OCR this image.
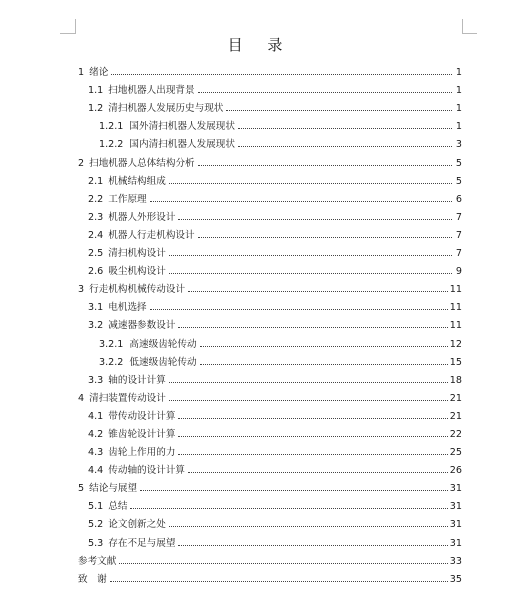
目 录
1 绪论	1
1.1 扫地机器人出现背景	1
1.2 清扫机器人发展历史与现状	1
1.2.1 国外清扫机器人发展现状	1
1.2.2 国内清扫机器人发展现状	3
2 扫地机器人总体结构分析	5
2.1 机械结构组成	5
2.2 工作原理	6
2.3 机器人外形设计	7
2.4 机器人行走机构设计	7
2.5 清扫机构设计	7
2.6 吸尘机构设计	9
3 行走机构机械传动设计	11
3.1 电机选择	11
3.2 减速器参数设计	11
3.2.1 高速级齿轮传动	12
3.2.2 低速级齿轮传动	15
3.3 轴的设计计算	18
4 清扫装置传动设计	21
4.1 带传动设计计算	21
4.2 锥齿轮设计计算	22
4.3 齿轮上作用的力	25
4.4 传动轴的设计计算	26
5 结论与展望	31
5.1 总结	31
5.2 论文创新之处	31
5.3 存在不足与展望	31
参考文献	33
致　谢	35
